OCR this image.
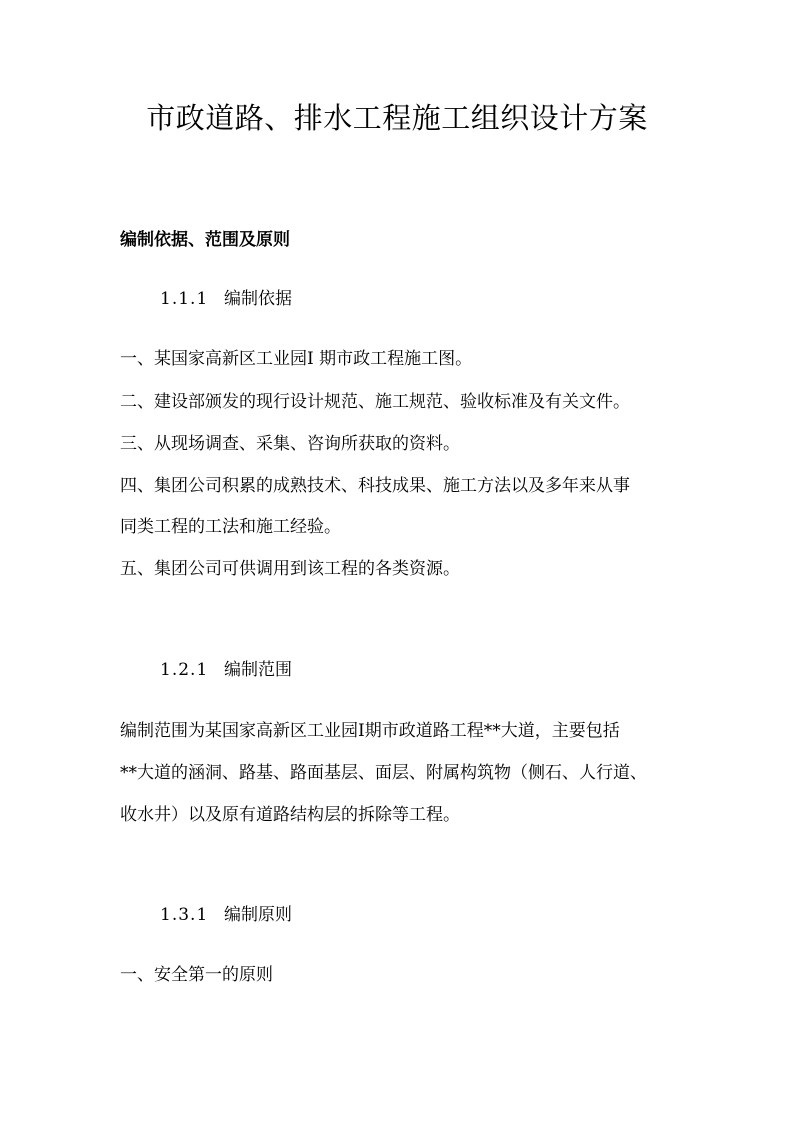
市政道路、排水工程施工组织设计方案
编制依据、范围及原则
1.1.1 编制依据
一、某国家高新区工业园Ⅰ 期市政工程施工图。
二、建设部颁发的现行设计规范、施工规范、验收标准及有关文件。
三、从现场调查、采集、咨询所获取的资料。
四、集团公司积累的成熟技术、科技成果、施工方法以及多年来从事
同类工程的工法和施工经验。
五、集团公司可供调用到该工程的各类资源。
1.2.1 编制范围
编制范围为某国家高新区工业园Ⅰ期市政道路工程**大道，主要包括
**大道的涵洞、路基、路面基层、面层、附属构筑物（侧石、人行道、
收水井）以及原有道路结构层的拆除等工程。
1.3.1 编制原则
一、安全第一的原则
